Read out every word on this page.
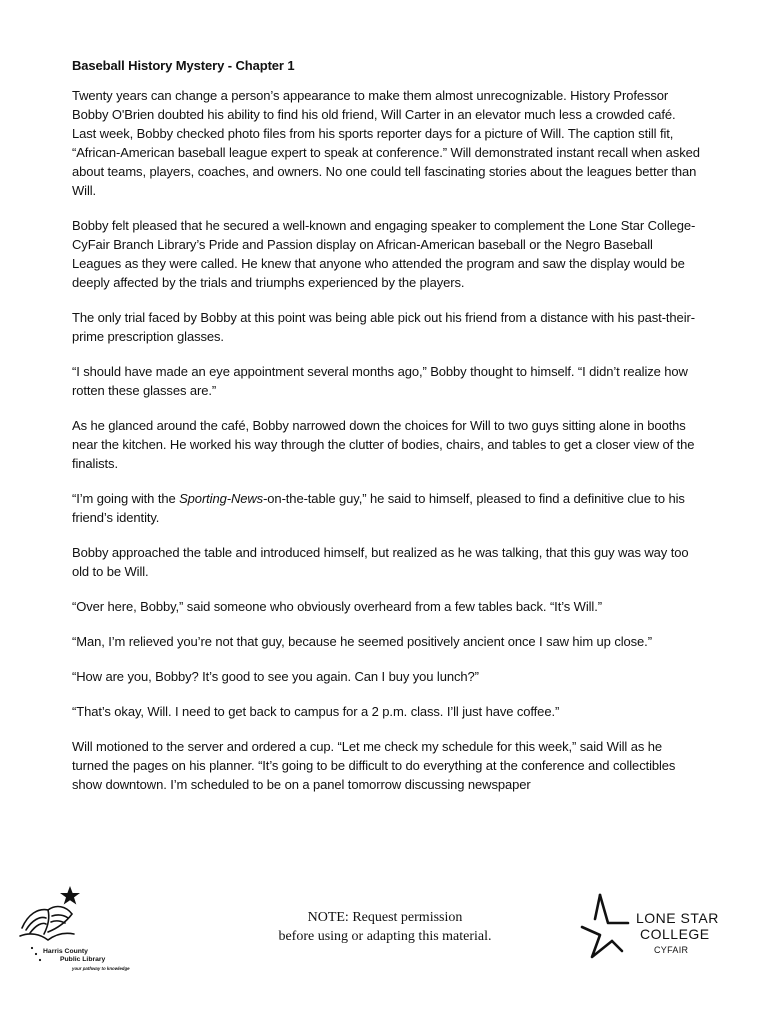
Baseball History Mystery - Chapter 1

Twenty years can change a person’s appearance to make them almost unrecognizable. History Professor Bobby O'Brien doubted his ability to find his old friend, Will Carter in an elevator much less a crowded café. Last week, Bobby checked photo files from his sports reporter days for a picture of Will. The caption still fit, “African-American baseball league expert to speak at conference.” Will demonstrated instant recall when asked about teams, players, coaches, and owners. No one could tell fascinating stories about the leagues better than Will.

Bobby felt pleased that he secured a well-known and engaging speaker to complement the Lone Star College-CyFair Branch Library’s Pride and Passion display on African-American baseball or the Negro Baseball Leagues as they were called. He knew that anyone who attended the program and saw the display would be deeply affected by the trials and triumphs experienced by the players.

The only trial faced by Bobby at this point was being able pick out his friend from a distance with his past-their-prime prescription glasses.

“I should have made an eye appointment several months ago,” Bobby thought to himself. “I didn’t realize how rotten these glasses are.”

As he glanced around the café, Bobby narrowed down the choices for Will to two guys sitting alone in booths near the kitchen. He worked his way through the clutter of bodies, chairs, and tables to get a closer view of the finalists.

“I’m going with the Sporting-News-on-the-table guy,” he said to himself, pleased to find a definitive clue to his friend’s identity.

Bobby approached the table and introduced himself, but realized as he was talking, that this guy was way too old to be Will.

“Over here, Bobby,” said someone who obviously overheard from a few tables back. “It’s Will.”

“Man, I’m relieved you’re not that guy, because he seemed positively ancient once I saw him up close.”

“How are you, Bobby? It’s good to see you again. Can I buy you lunch?”

“That’s okay, Will. I need to get back to campus for a 2 p.m. class. I’ll just have coffee.”

Will motioned to the server and ordered a cup. “Let me check my schedule for this week,” said Will as he turned the pages on his planner. “It’s going to be difficult to do everything at the conference and collectibles show downtown. I’m scheduled to be on a panel tomorrow discussing newspaper

Harris County
Public Library
your pathway to knowledge
NOTE: Request permission
before using or adapting this material.
LONE STAR
COLLEGE
CYFAIR
